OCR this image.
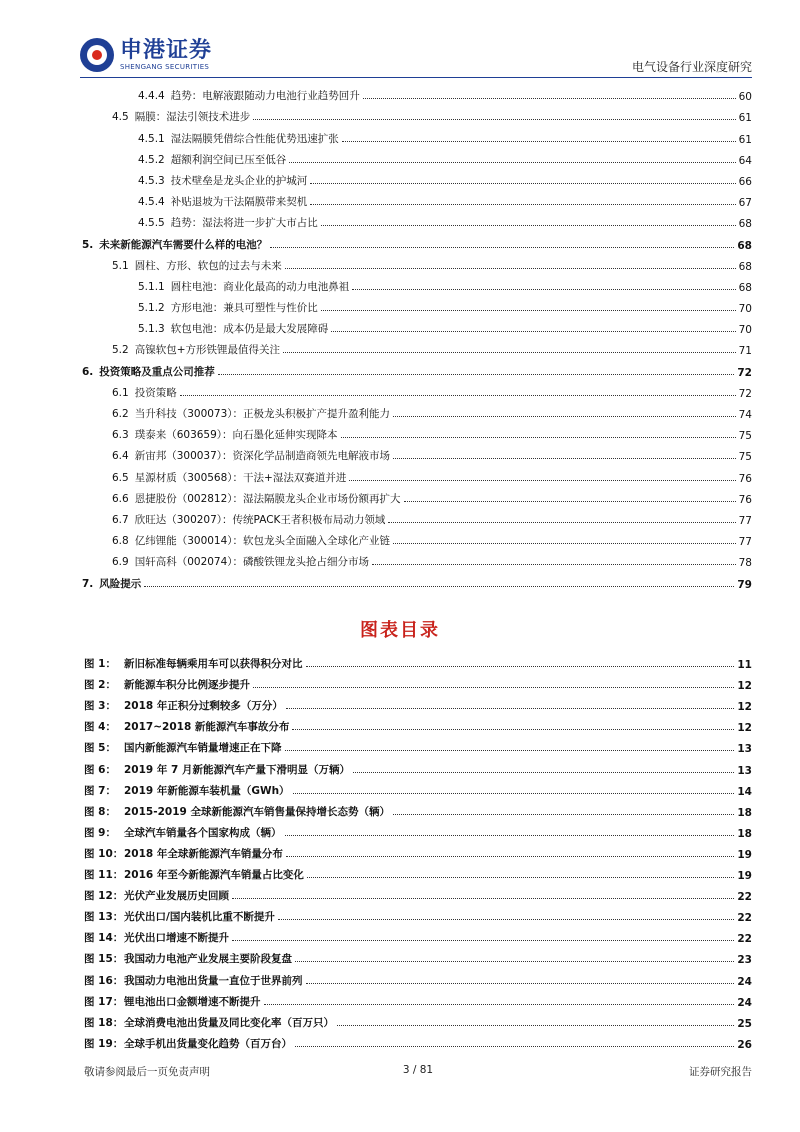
申港证券
SHENGANG SECURITIES	电气设备行业深度研究
4.4.4 趋势：电解液跟随动力电池行业趋势回升	60
4.5 隔膜：湿法引领技术进步	61
4.5.1 湿法隔膜凭借综合性能优势迅速扩张	61
4.5.2 超额利润空间已压至低谷	64
4.5.3 技术壁垒是龙头企业的护城河	66
4.5.4 补贴退坡为干法隔膜带来契机	67
4.5.5 趋势：湿法将进一步扩大市占比	68
5. 未来新能源汽车需要什么样的电池？	68
5.1 圆柱、方形、软包的过去与未来	68
5.1.1 圆柱电池：商业化最高的动力电池鼻祖	68
5.1.2 方形电池：兼具可塑性与性价比	70
5.1.3 软包电池：成本仍是最大发展障碍	70
5.2 高镍软包+方形铁锂最值得关注	71
6. 投资策略及重点公司推荐	72
6.1 投资策略	72
6.2 当升科技（300073）：正极龙头积极扩产提升盈利能力	74
6.3 璞泰来（603659）：向石墨化延伸实现降本	75
6.4 新宙邦（300037）：资深化学品制造商领先电解液市场	75
6.5 星源材质（300568）：干法+湿法双赛道并进	76
6.6 恩捷股份（002812）：湿法隔膜龙头企业市场份额再扩大	76
6.7 欣旺达（300207）：传统PACK王者积极布局动力领域	77
6.8 亿纬锂能（300014）：软包龙头全面融入全球化产业链	77
6.9 国轩高科（002074）：磷酸铁锂龙头抢占细分市场	78
7. 风险提示	79
图表目录
图 1： 新旧标准每辆乘用车可以获得积分对比	11
图 2： 新能源车积分比例逐步提升	12
图 3： 2018 年正积分过剩较多（万分）	12
图 4： 2017~2018 新能源汽车事故分布	12
图 5： 国内新能源汽车销量增速正在下降	13
图 6： 2019 年 7 月新能源汽车产量下滑明显（万辆）	13
图 7： 2019 年新能源车装机量（GWh）	14
图 8： 2015-2019 全球新能源汽车销售量保持增长态势（辆）	18
图 9： 全球汽车销量各个国家构成（辆）	18
图 10： 2018 年全球新能源汽车销量分布	19
图 11： 2016 年至今新能源汽车销量占比变化	19
图 12： 光伏产业发展历史回顾	22
图 13： 光伏出口/国内装机比重不断提升	22
图 14： 光伏出口增速不断提升	22
图 15： 我国动力电池产业发展主要阶段复盘	23
图 16： 我国动力电池出货量一直位于世界前列	24
图 17： 锂电池出口金额增速不断提升	24
图 18： 全球消费电池出货量及同比变化率（百万只）	25
图 19： 全球手机出货量变化趋势（百万台）	26
敬请参阅最后一页免责声明	3 / 81	证券研究报告
